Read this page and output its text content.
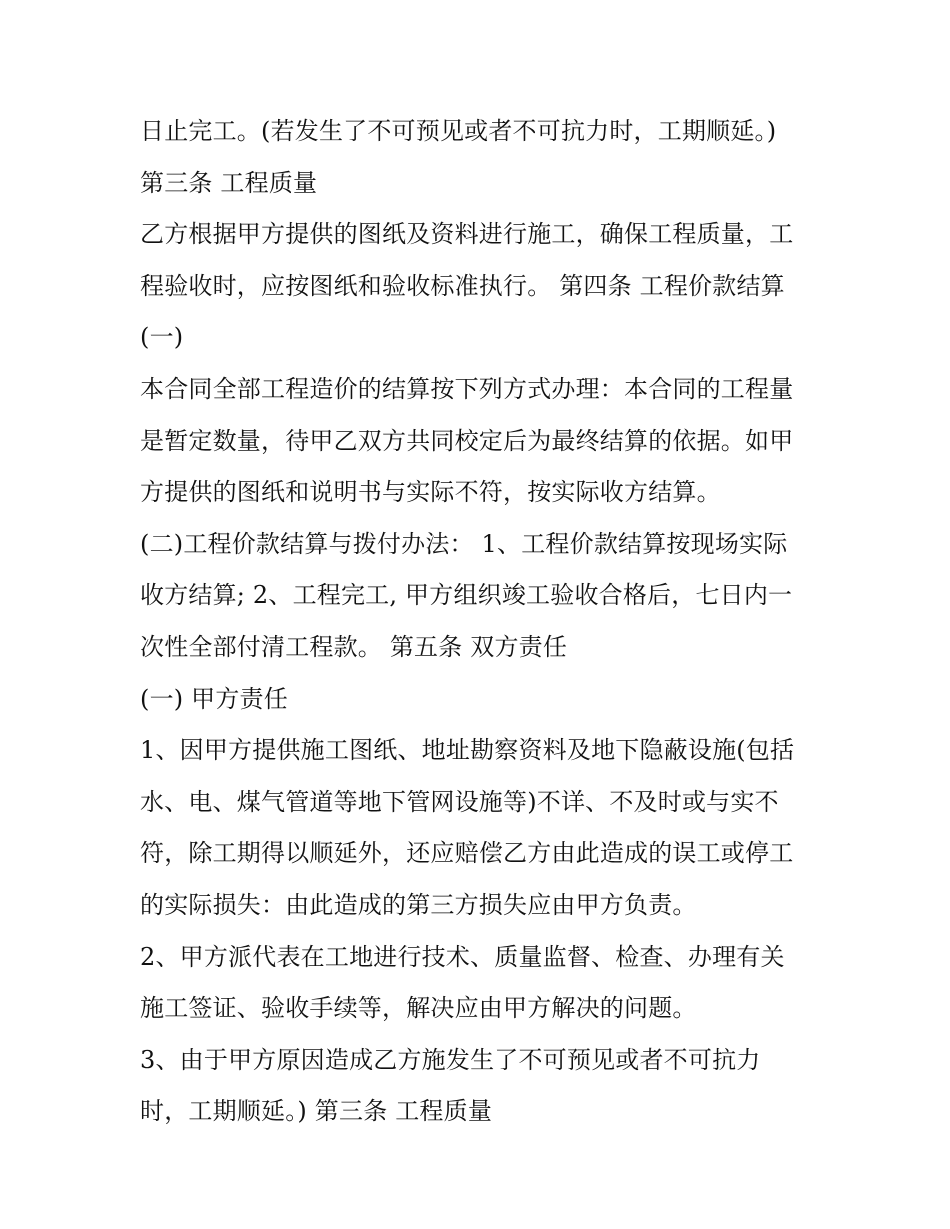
日止完工。(若发生了不可预见或者不可抗力时，工期顺延。)
第三条 工程质量
乙方根据甲方提供的图纸及资料进行施工，确保工程质量，工
程验收时，应按图纸和验收标准执行。 第四条 工程价款结算
(一)
本合同全部工程造价的结算按下列方式办理：本合同的工程量
是暂定数量，待甲乙双方共同校定后为最终结算的依据。如甲
方提供的图纸和说明书与实际不符，按实际收方结算。
(二)工程价款结算与拨付办法： 1、工程价款结算按现场实际
收方结算; 2、工程完工, 甲方组织竣工验收合格后，七日内一
次性全部付清工程款。 第五条 双方责任
(一) 甲方责任
1、因甲方提供施工图纸、地址勘察资料及地下隐蔽设施(包括
水、电、煤气管道等地下管网设施等)不详、不及时或与实不
符，除工期得以顺延外，还应赔偿乙方由此造成的误工或停工
的实际损失：由此造成的第三方损失应由甲方负责。
2、甲方派代表在工地进行技术、质量监督、检查、办理有关
施工签证、验收手续等，解决应由甲方解决的问题。
3、由于甲方原因造成乙方施发生了不可预见或者不可抗力
时，工期顺延。) 第三条 工程质量
